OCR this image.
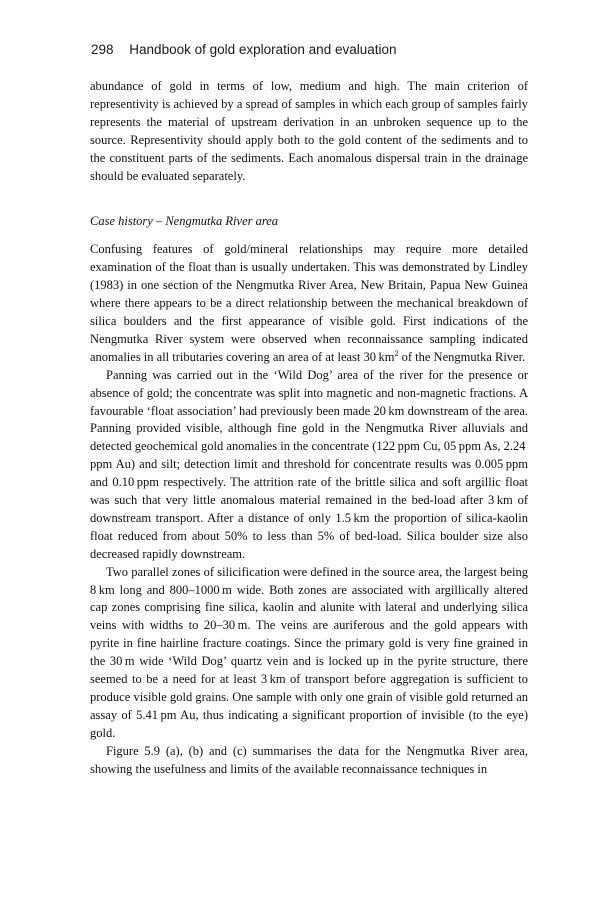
298 Handbook of gold exploration and evaluation

abundance of gold in terms of low, medium and high. The main criterion of representivity is achieved by a spread of samples in which each group of samples fairly represents the material of upstream derivation in an unbroken sequence up to the source. Representivity should apply both to the gold content of the sediments and to the constituent parts of the sediments. Each anomalous dispersal train in the drainage should be evaluated separately.

Case history – Nengmutka River area

Confusing features of gold/mineral relationships may require more detailed examination of the float than is usually undertaken. This was demonstrated by Lindley (1983) in one section of the Nengmutka River Area, New Britain, Papua New Guinea where there appears to be a direct relationship between the mechanical breakdown of silica boulders and the first appearance of visible gold. First indications of the Nengmutka River system were observed when reconnaissance sampling indicated anomalies in all tributaries covering an area of at least 30 $km^2$ of the Nengmutka River.

Panning was carried out in the ‘Wild Dog’ area of the river for the presence or absence of gold; the concentrate was split into magnetic and non-magnetic fractions. A favourable ‘float association’ had previously been made 20 km downstream of the area. Panning provided visible, although fine gold in the Nengmutka River alluvials and detected geochemical gold anomalies in the concentrate (122 ppm Cu, 05 ppm As, 2.24 ppm Au) and silt; detection limit and threshold for concentrate results was 0.005 ppm and 0.10 ppm respectively. The attrition rate of the brittle silica and soft argillic float was such that very little anomalous material remained in the bed-load after 3 km of downstream transport. After a distance of only 1.5 km the proportion of silica-kaolin float reduced from about 50% to less than 5% of bed-load. Silica boulder size also decreased rapidly downstream.

Two parallel zones of silicification were defined in the source area, the largest being 8 km long and 800–1000 m wide. Both zones are associated with argillically altered cap zones comprising fine silica, kaolin and alunite with lateral and underlying silica veins with widths to 20–30 m. The veins are auriferous and the gold appears with pyrite in fine hairline fracture coatings. Since the primary gold is very fine grained in the 30 m wide ‘Wild Dog’ quartz vein and is locked up in the pyrite structure, there seemed to be a need for at least 3 km of transport before aggregation is sufficient to produce visible gold grains. One sample with only one grain of visible gold returned an assay of 5.41 pm Au, thus indicating a significant proportion of invisible (to the eye) gold.

Figure 5.9 (a), (b) and (c) summarises the data for the Nengmutka River area, showing the usefulness and limits of the available reconnaissance techniques in
